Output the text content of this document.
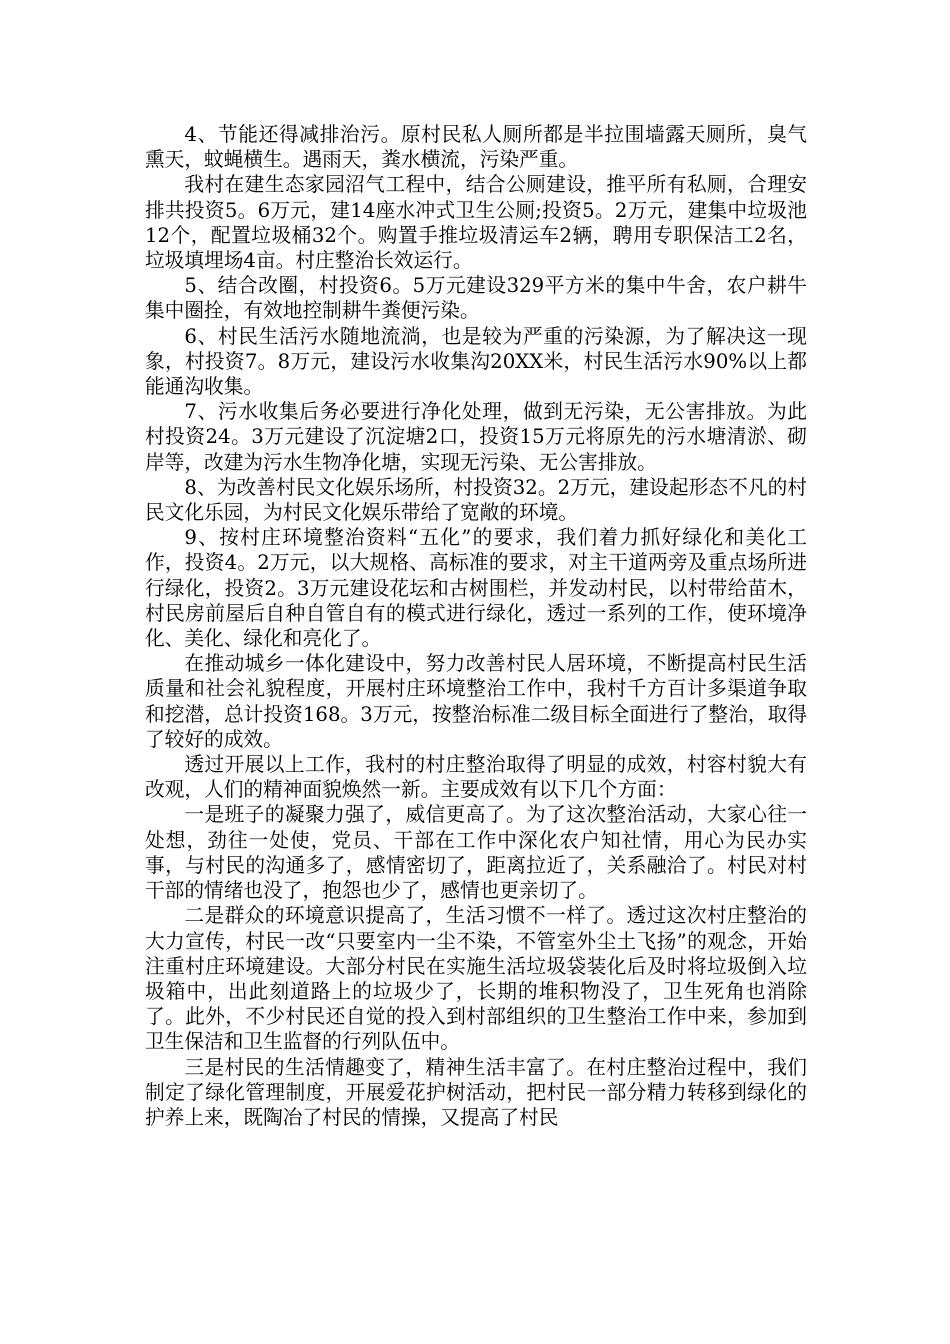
4、节能还得减排治污。原村民私人厕所都是半拉围墙露天厕所，臭气熏天，蚊蝇横生。遇雨天，粪水横流，污染严重。

我村在建生态家园沼气工程中，结合公厕建设，推平所有私厕，合理安排共投资5。6万元，建14座水冲式卫生公厕;投资5。2万元，建集中垃圾池12个，配置垃圾桶32个。购置手推垃圾清运车2辆，聘用专职保洁工2名，垃圾填埋场4亩。村庄整治长效运行。

5、结合改圈，村投资6。5万元建设329平方米的集中牛舍，农户耕牛集中圈拴，有效地控制耕牛粪便污染。

6、村民生活污水随地流淌，也是较为严重的污染源，为了解决这一现象，村投资7。8万元，建设污水收集沟20XX米，村民生活污水90%以上都能通沟收集。

7、污水收集后务必要进行净化处理，做到无污染，无公害排放。为此村投资24。3万元建设了沉淀塘2口，投资15万元将原先的污水塘清淤、砌岸等，改建为污水生物净化塘，实现无污染、无公害排放。

8、为改善村民文化娱乐场所，村投资32。2万元，建设起形态不凡的村民文化乐园，为村民文化娱乐带给了宽敞的环境。

9、按村庄环境整治资料“五化”的要求，我们着力抓好绿化和美化工作，投资4。2万元，以大规格、高标准的要求，对主干道两旁及重点场所进行绿化，投资2。3万元建设花坛和古树围栏，并发动村民，以村带给苗木，村民房前屋后自种自管自有的模式进行绿化，透过一系列的工作，使环境净化、美化、绿化和亮化了。

在推动城乡一体化建设中，努力改善村民人居环境，不断提高村民生活质量和社会礼貌程度，开展村庄环境整治工作中，我村千方百计多渠道争取和挖潜，总计投资168。3万元，按整治标准二级目标全面进行了整治，取得了较好的成效。

透过开展以上工作，我村的村庄整治取得了明显的成效，村容村貌大有改观，人们的精神面貌焕然一新。主要成效有以下几个方面：

一是班子的凝聚力强了，威信更高了。为了这次整治活动，大家心往一处想，劲往一处使，党员、干部在工作中深化农户知社情，用心为民办实事，与村民的沟通多了，感情密切了，距离拉近了，关系融洽了。村民对村干部的情绪也没了，抱怨也少了，感情也更亲切了。

二是群众的环境意识提高了，生活习惯不一样了。透过这次村庄整治的大力宣传，村民一改“只要室内一尘不染，不管室外尘土飞扬”的观念，开始注重村庄环境建设。大部分村民在实施生活垃圾袋装化后及时将垃圾倒入垃圾箱中，出此刻道路上的垃圾少了，长期的堆积物没了，卫生死角也消除了。此外，不少村民还自觉的投入到村部组织的卫生整治工作中来，参加到卫生保洁和卫生监督的行列队伍中。

三是村民的生活情趣变了，精神生活丰富了。在村庄整治过程中，我们制定了绿化管理制度，开展爱花护树活动，把村民一部分精力转移到绿化的护养上来，既陶冶了村民的情操，又提高了村民
